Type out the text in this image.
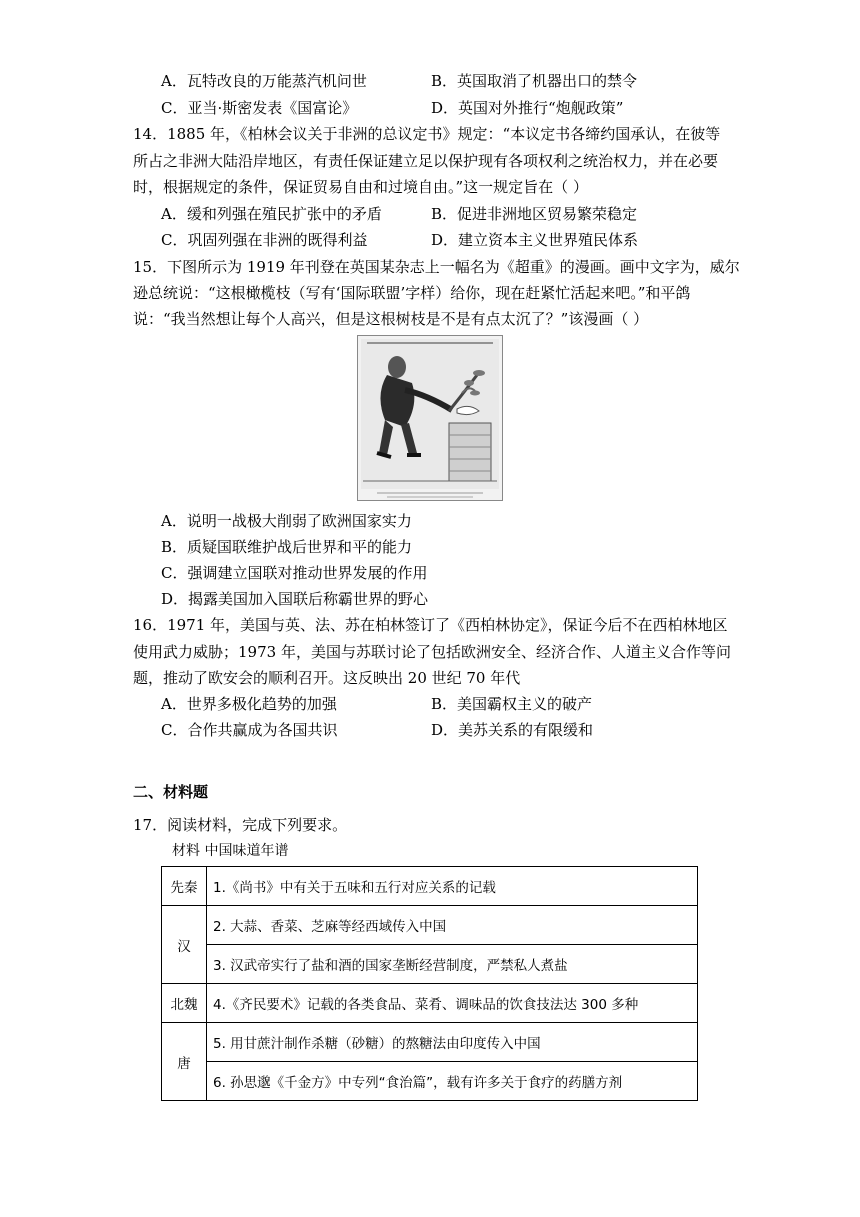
A．瓦特改良的万能蒸汽机问世	B．英国取消了机器出口的禁令
C．亚当·斯密发表《国富论》	D．英国对外推行“炮舰政策”
14．1885 年，《柏林会议关于非洲的总议定书》规定：“本议定书各缔约国承认，在彼等
所占之非洲大陆沿岸地区，有责任保证建立足以保护现有各项权利之统治权力，并在必要
时，根据规定的条件，保证贸易自由和过境自由。”这一规定旨在（ ）
A．缓和列强在殖民扩张中的矛盾	B．促进非洲地区贸易繁荣稳定
C．巩固列强在非洲的既得利益	D．建立资本主义世界殖民体系
15．下图所示为 1919 年刊登在英国某杂志上一幅名为《超重》的漫画。画中文字为，威尔
逊总统说：“这根橄榄枝（写有‘国际联盟’字样）给你，现在赶紧忙活起来吧。”和平鸽
说：“我当然想让每个人高兴，但是这根树枝是不是有点太沉了？”该漫画（ ）
A．说明一战极大削弱了欧洲国家实力
B．质疑国联维护战后世界和平的能力
C．强调建立国联对推动世界发展的作用
D．揭露美国加入国联后称霸世界的野心
16．1971 年，美国与英、法、苏在柏林签订了《西柏林协定》，保证今后不在西柏林地区
使用武力威胁；1973 年，美国与苏联讨论了包括欧洲安全、经济合作、人道主义合作等问
题，推动了欧安会的顺利召开。这反映出 20 世纪 70 年代
A．世界多极化趋势的加强	B．美国霸权主义的破产
C．合作共赢成为各国共识	D．美苏关系的有限缓和
二、材料题
17．阅读材料，完成下列要求。
材料 中国味道年谱
先秦	1.《尚书》中有关于五味和五行对应关系的记载
汉	2. 大蒜、香菜、芝麻等经西域传入中国
	3. 汉武帝实行了盐和酒的国家垄断经营制度，严禁私人煮盐
北魏	4.《齐民要术》记载的各类食品、菜肴、调味品的饮食技法达 300 多种
唐	5. 用甘蔗汁制作杀糖（砂糖）的熬糖法由印度传入中国
	6. 孙思邈《千金方》中专列“食治篇”，载有许多关于食疗的药膳方剂
